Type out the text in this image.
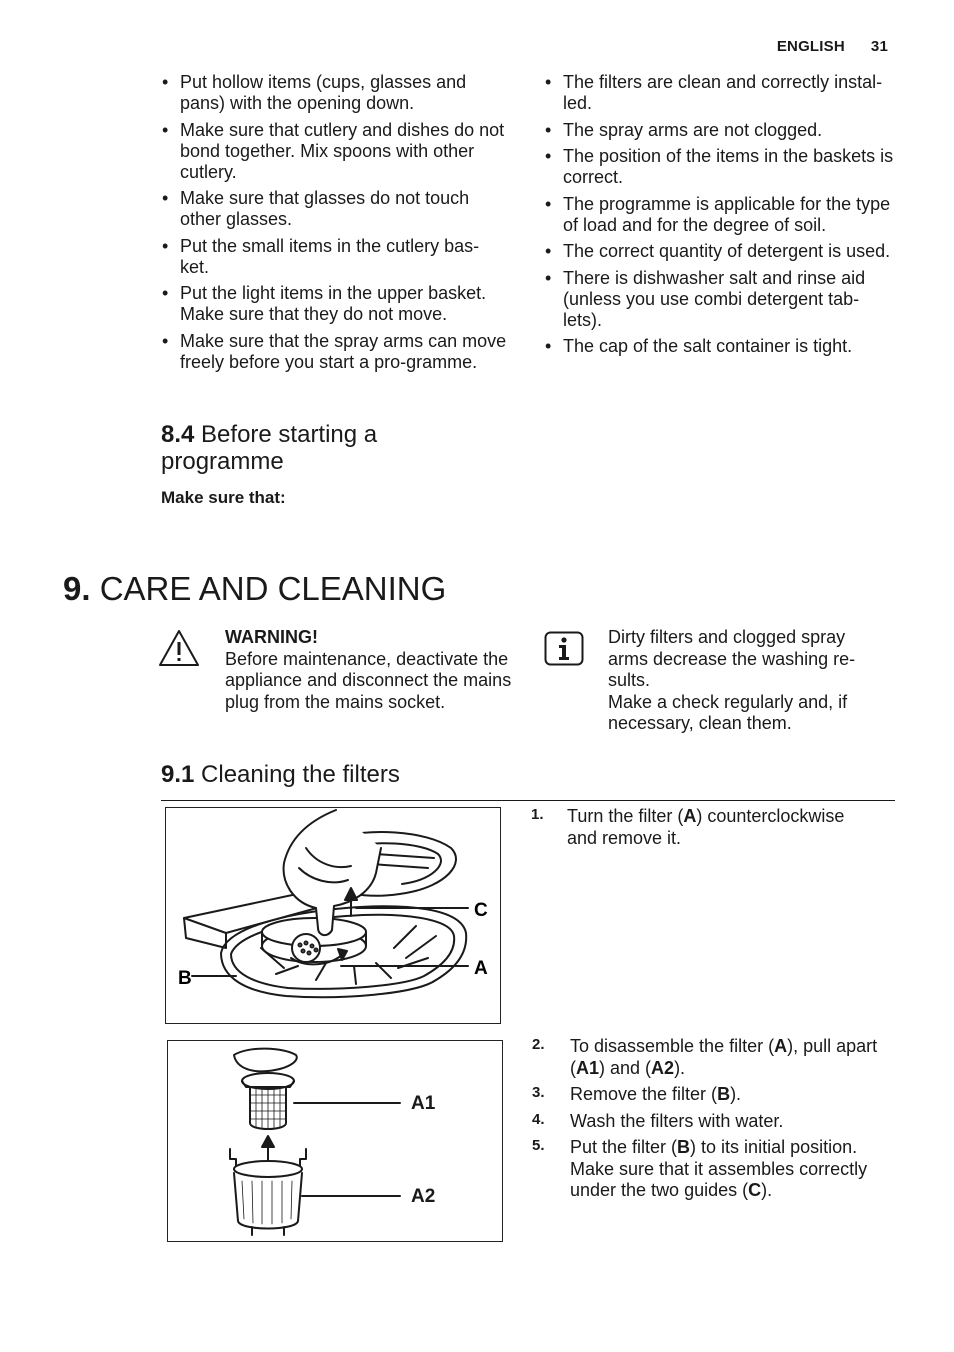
ENGLISH 31
• Put hollow items (cups, glasses and pans) with the opening down.
• Make sure that cutlery and dishes do not bond together. Mix spoons with other cutlery.
• Make sure that glasses do not touch other glasses.
• Put the small items in the cutlery bas-ket.
• Put the light items in the upper basket. Make sure that they do not move.
• Make sure that the spray arms can move freely before you start a pro-gramme.
8.4 Before starting a programme
Make sure that:
• The filters are clean and correctly instal-led.
• The spray arms are not clogged.
• The position of the items in the baskets is correct.
• The programme is applicable for the type of load and for the degree of soil.
• The correct quantity of detergent is used.
• There is dishwasher salt and rinse aid (unless you use combi detergent tab-lets).
• The cap of the salt container is tight.
9. CARE AND CLEANING
WARNING!
Before maintenance, deactivate the appliance and disconnect the mains plug from the mains socket.
Dirty filters and clogged spray arms decrease the washing re-sults.
Make a check regularly and, if necessary, clean them.
9.1 Cleaning the filters
C
A
B
A1
A2
1. Turn the filter (A) counterclockwise and remove it.
2. To disassemble the filter (A), pull apart (A1) and (A2).
3. Remove the filter (B).
4. Wash the filters with water.
5. Put the filter (B) to its initial position. Make sure that it assembles correctly under the two guides (C).
